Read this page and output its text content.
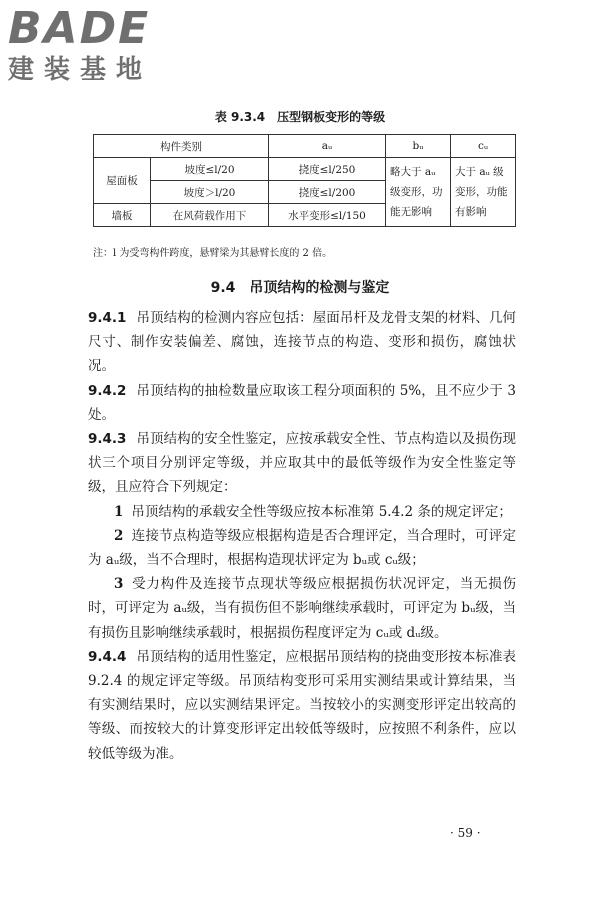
BADE
建装基地
表 9.3.4　压型钢板变形的等级
构件类别		aᵤ	bᵤ	cᵤ
屋面板	坡度≤l/20	挠度≤l/250	略大于 aᵤ 级变形，功能无影响	大于 aᵤ 级变形，功能有影响
	坡度＞l/20	挠度≤l/200		
墙板	在风荷载作用下	水平变形≤l/150		
注：l 为受弯构件跨度，悬臂梁为其悬臂长度的 2 倍。
9.4　吊顶结构的检测与鉴定

9.4.1 吊顶结构的检测内容应包括：屋面吊杆及龙骨支架的材料、几何尺寸、制作安装偏差、腐蚀，连接节点的构造、变形和损伤，腐蚀状况。

9.4.2 吊顶结构的抽检数量应取该工程分项面积的 5%，且不应少于 3 处。

9.4.3 吊顶结构的安全性鉴定，应按承载安全性、节点构造以及损伤现状三个项目分别评定等级，并应取其中的最低等级作为安全性鉴定等级，且应符合下列规定：

1 吊顶结构的承载安全性等级应按本标准第 5.4.2 条的规定评定；

2 连接节点构造等级应根据构造是否合理评定，当合理时，可评定为 aᵤ级，当不合理时，根据构造现状评定为 bᵤ或 cᵤ级；

3 受力构件及连接节点现状等级应根据损伤状况评定，当无损伤时，可评定为 aᵤ级，当有损伤但不影响继续承载时，可评定为 bᵤ级，当有损伤且影响继续承载时，根据损伤程度评定为 cᵤ或 dᵤ级。

9.4.4 吊顶结构的适用性鉴定，应根据吊顶结构的挠曲变形按本标准表 9.2.4 的规定评定等级。吊顶结构变形可采用实测结果或计算结果，当有实测结果时，应以实测结果评定。当按较小的实测变形评定出较高的等级、而按较大的计算变形评定出较低等级时，应按照不利条件，应以较低等级为准。

· 59 ·
